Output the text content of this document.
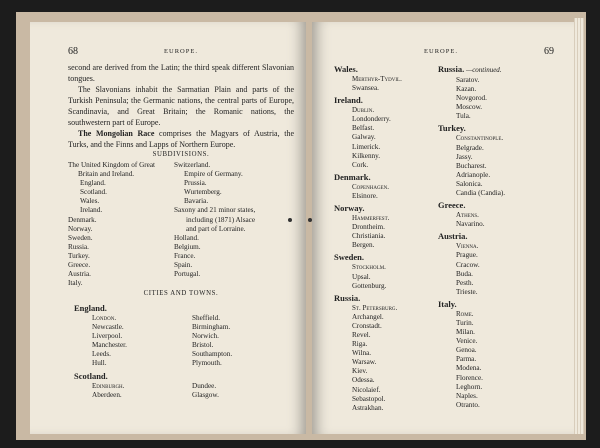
68	EUROPE.

second are derived from the Latin; the third speak different Slavonian tongues.

The Slavonians inhabit the Sarmatian Plain and parts of the Turkish Peninsula; the Germanic nations, the central parts of Europe, Scandinavia, and Great Britain; the Romanic nations, the southwestern part of Europe.

The Mongolian Race comprises the Magyars of Austria, the Turks, and the Finns and Lapps of Northern Europe.

SUBDIVISIONS.
The United Kingdom of Great
Britain and Ireland.
England.
Scotland.
Wales.
Ireland.
Denmark.
Norway.
Sweden.
Russia.
Turkey.
Greece.
Austria.
Italy.
Switzerland.
Empire of Germany.
Prussia.
Wurtemberg.
Bavaria.
Saxony and 21 minor states,
including (1871) Alsace
and part of Lorraine.
Holland.
Belgium.
France.
Spain.
Portugal.
CITIES AND TOWNS.
England.
London.
Newcastle.
Liverpool.
Manchester.
Leeds.
Hull.
Sheffield.
Birmingham.
Norwich.
Bristol.
Southampton.
Plymouth.
Scotland.
Edinburgh.
Aberdeen.
Dundee.
Glasgow.
EUROPE.	69
Wales.
Merthyr-Tydvil.
Swansea.
Ireland.
Dublin.
Londonderry.
Belfast.
Galway.
Limerick.
Kilkenny.
Cork.
Denmark.
Copenhagen.
Elsinore.
Norway.
Hammerfest.
Drontheim.
Christiania.
Bergen.
Sweden.
Stockholm.
Upsal.
Gottenburg.
Russia.
St. Petersburg.
Archangel.
Cronstadt.
Revel.
Riga.
Wilna.
Warsaw.
Kiev.
Odessa.
Nicolaief.
Sebastopol.
Astrakhan.
Russia. —continued.
Saratov.
Kazan.
Novgorod.
Moscow.
Tula.
Turkey.
Constantinople.
Belgrade.
Jassy.
Bucharest.
Adrianople.
Salonica.
Candia (Candia).
Greece.
Athens.
Navarino.
Austria.
Vienna.
Prague.
Cracow.
Buda.
Pesth.
Trieste.
Italy.
Rome.
Turin.
Milan.
Venice.
Genoa.
Parma.
Modena.
Florence.
Leghorn.
Naples.
Otranto.
